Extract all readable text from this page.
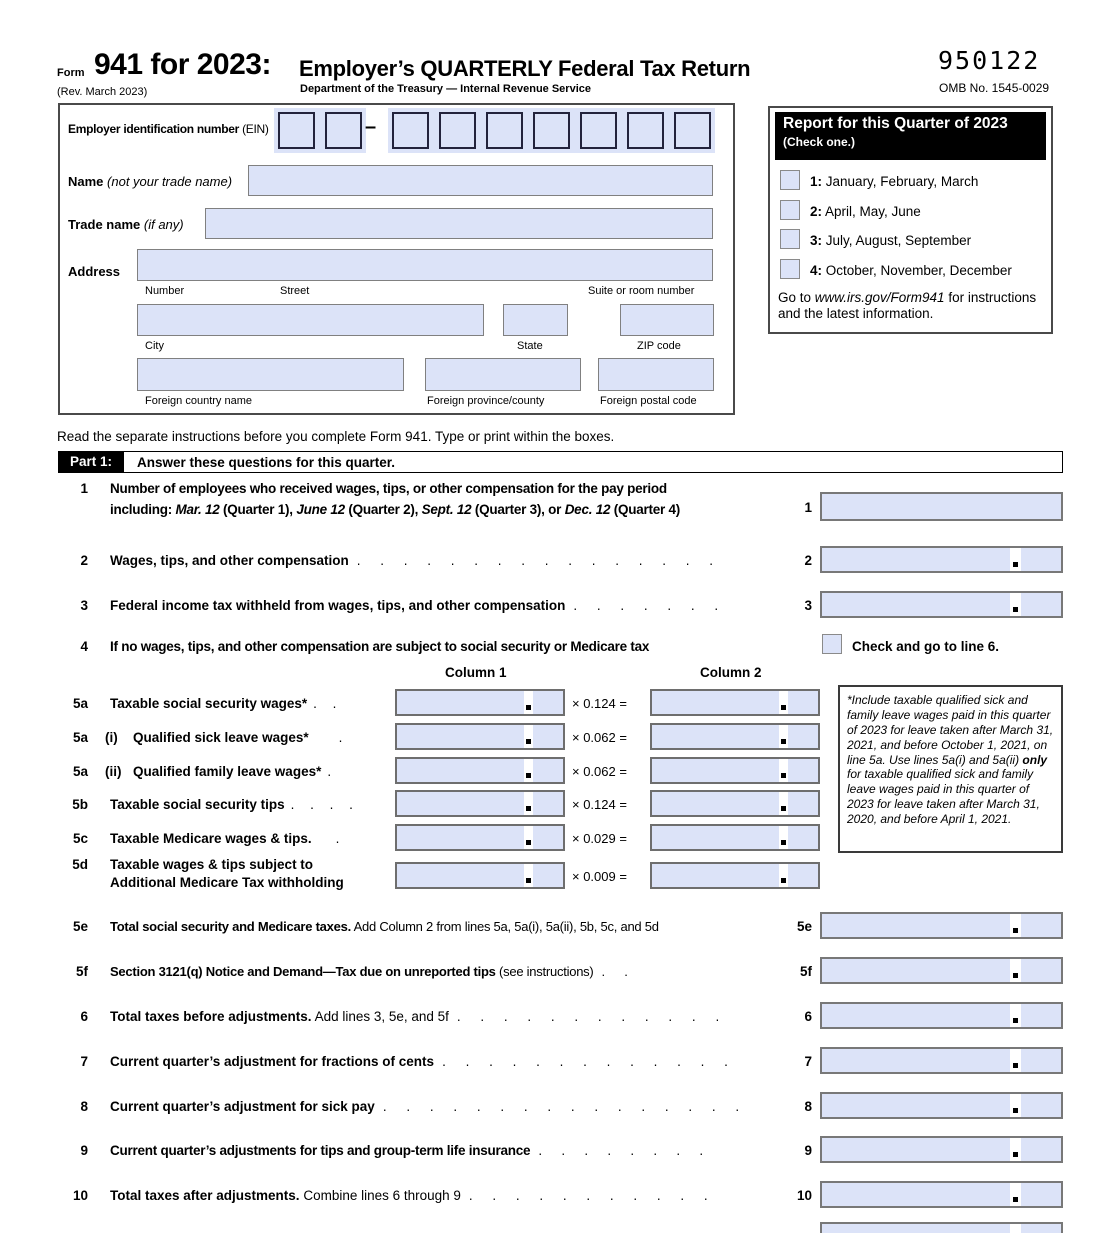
Form 941 for 2023:
(Rev. March 2023)
Employer’s QUARTERLY Federal Tax Return
Department of the Treasury — Internal Revenue Service
950122
OMB No. 1545-0029
Employer identification number (EIN)	–
Name (not your trade name)
Trade name (if any)
Address
Number	Street	Suite or room number
City	State	ZIP code
Foreign country name	Foreign province/county	Foreign postal code
Report for this Quarter of 2023
(Check one.)
1: January, February, March
2: April, May, June
3: July, August, September
4: October, November, December
Go to www.irs.gov/Form941 for instructions and the latest information.
Read the separate instructions before you complete Form 941. Type or print within the boxes.
Part 1:	Answer these questions for this quarter.
1 Number of employees who received wages, tips, or other compensation for the pay period
including: Mar. 12 (Quarter 1), June 12 (Quarter 2), Sept. 12 (Quarter 3), or Dec. 12 (Quarter 4)	1
2 Wages, tips, and other compensation . . . . . . . . . . . . . . . .	2
3 Federal income tax withheld from wages, tips, and other compensation . . . . . . .	3
4 If no wages, tips, and other compensation are subject to social security or Medicare tax	Check and go to line 6.
Column 1	Column 2
5a Taxable social security wages* . .	× 0.124 =
5a (i) Qualified sick leave wages* .	× 0.062 =
5a (ii) Qualified family leave wages* .	× 0.062 =
5b Taxable social security tips . . . .	× 0.124 =
5c Taxable Medicare wages & tips. .	× 0.029 =
5d Taxable wages & tips subject to
Additional Medicare Tax withholding	× 0.009 =
*Include taxable qualified sick and family leave wages paid in this quarter of 2023 for leave taken after March 31, 2021, and before October 1, 2021, on line 5a. Use lines 5a(i) and 5a(ii) only for taxable qualified sick and family leave wages paid in this quarter of 2023 for leave taken after March 31, 2020, and before April 1, 2021.
5e Total social security and Medicare taxes. Add Column 2 from lines 5a, 5a(i), 5a(ii), 5b, 5c, and 5d	5e
5f Section 3121(q) Notice and Demand—Tax due on unreported tips (see instructions) . .	5f
6 Total taxes before adjustments. Add lines 3, 5e, and 5f . . . . . . . . . . . .	6
7 Current quarter’s adjustment for fractions of cents . . . . . . . . . . . . .	7
8 Current quarter’s adjustment for sick pay . . . . . . . . . . . . . . . .	8
9 Current quarter’s adjustments for tips and group-term life insurance . . . . . . . .	9
10 Total taxes after adjustments. Combine lines 6 through 9 . . . . . . . . . . .	10
